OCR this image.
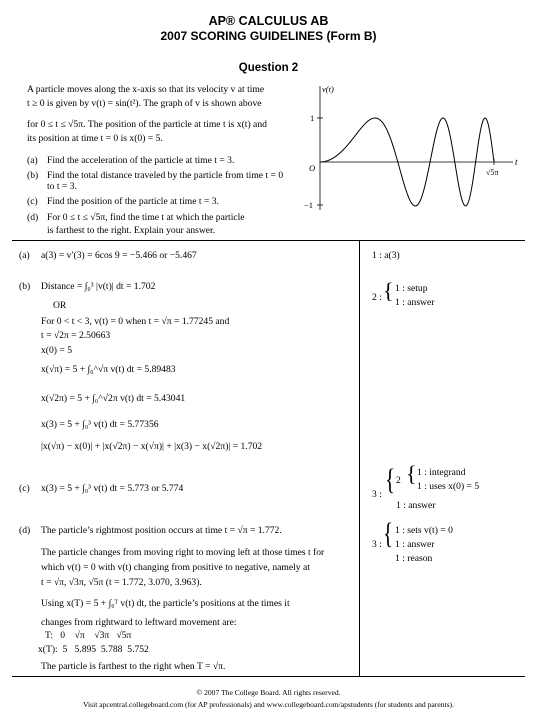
AP® CALCULUS AB
2007 SCORING GUIDELINES (Form B)
Question 2
A particle moves along the x-axis so that its velocity v at time
t ≥ 0 is given by v(t) = sin(t²). The graph of v is shown above
for 0 ≤ t ≤ √5π. The position of the particle at time t is x(t) and
its position at time t = 0 is x(0) = 5.
(a) Find the acceleration of the particle at time t = 3.
(b) Find the total distance traveled by the particle from time t = 0
to t = 3.
(c) Find the position of the particle at time t = 3.
(d) For 0 ≤ t ≤ √5π, find the time t at which the particle
is farthest to the right. Explain your answer.
v(t)
t
O
1
−1
√5π
(a) a(3) = v′(3) = 6cos 9 = −5.466 or −5.467
(b) Distance = ∫₀³ |v(t)| dt = 1.702
OR
For 0 < t < 3, v(t) = 0 when t = √π = 1.77245 and
t = √2π = 2.50663
x(0) = 5
x(√π) = 5 + ∫₀^√π v(t) dt = 5.89483
x(√2π) = 5 + ∫₀^√2π v(t) dt = 5.43041
x(3) = 5 + ∫₀³ v(t) dt = 5.77356
|x(√π) − x(0)| + |x(√2π) − x(√π)| + |x(3) − x(√2π)| = 1.702
(c) x(3) = 5 + ∫₀³ v(t) dt = 5.773 or 5.774
(d) The particle’s rightmost position occurs at time t = √π = 1.772.
The particle changes from moving right to moving left at those times t for
which v(t) = 0 with v(t) changing from positive to negative, namely at
t = √π, √3π, √5π (t = 1.772, 3.070, 3.963).
Using x(T) = 5 + ∫₀ᵀ v(t) dt, the particle’s positions at the times it
changes from rightward to leftward movement are:
T:   0    √π    √3π   √5π
x(T):  5   5.895  5.788  5.752
The particle is farthest to the right when T = √π.
1 : a(3)
2 : { 1 : setup
1 : answer
3 : { 2 { 1 : integrand
1 : uses x(0) = 5
1 : answer
3 : { 1 : sets v(t) = 0
1 : answer
1 : reason
© 2007 The College Board. All rights reserved.
Visit apcentral.collegeboard.com (for AP professionals) and www.collegeboard.com/apstudents (for students and parents).
